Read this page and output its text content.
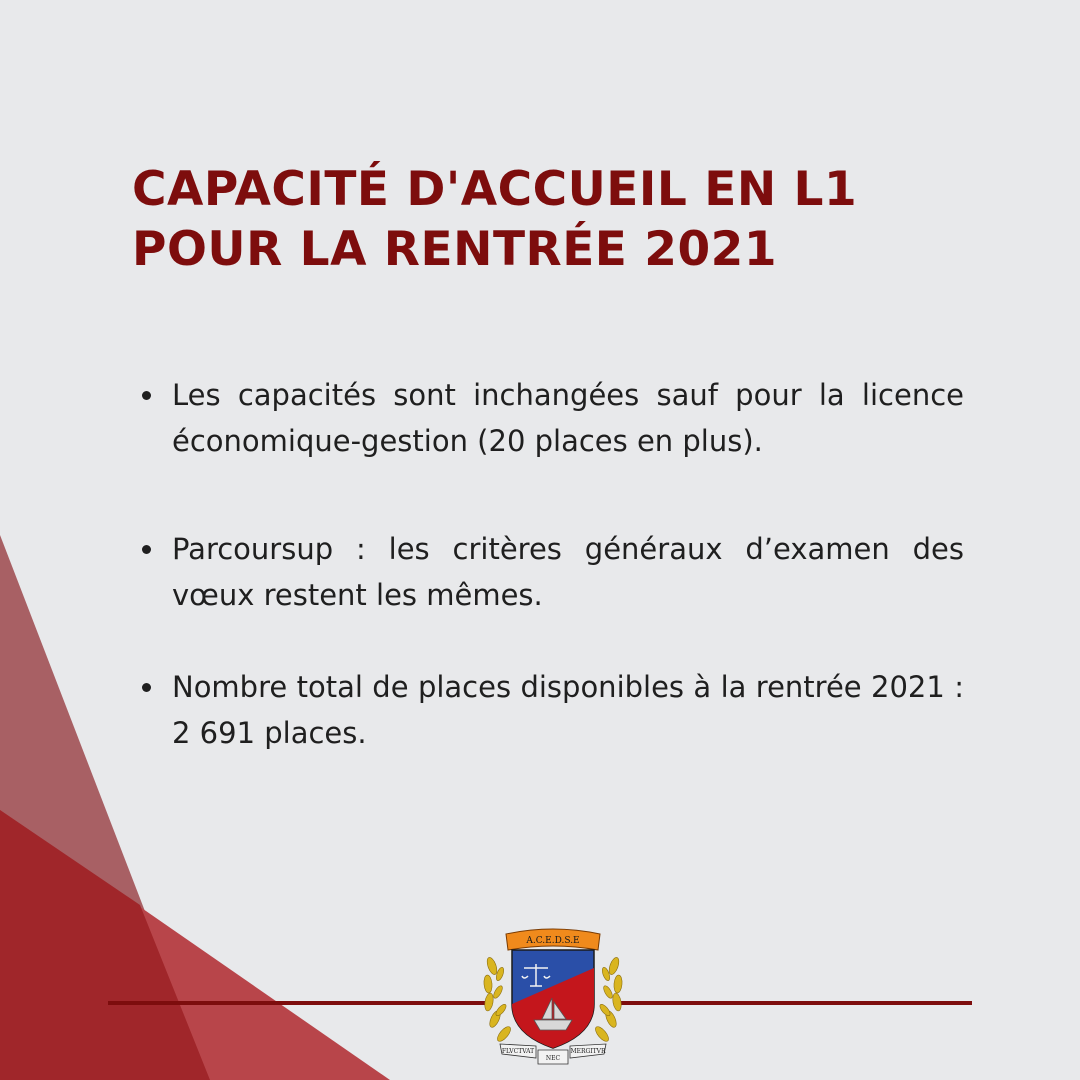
CAPACITÉ D'ACCUEIL EN L1
POUR LA RENTRÉE 2021
Les capacités sont inchangées sauf pour la licence économique-gestion (20 places en plus).
Parcoursup : les critères généraux d’examen des vœux restent les mêmes.
Nombre total de places disponibles à la rentrée 2021 : 2 691 places.
A.C.E.D.S.E
FLVCTVAT
NEC
MERGITVR
